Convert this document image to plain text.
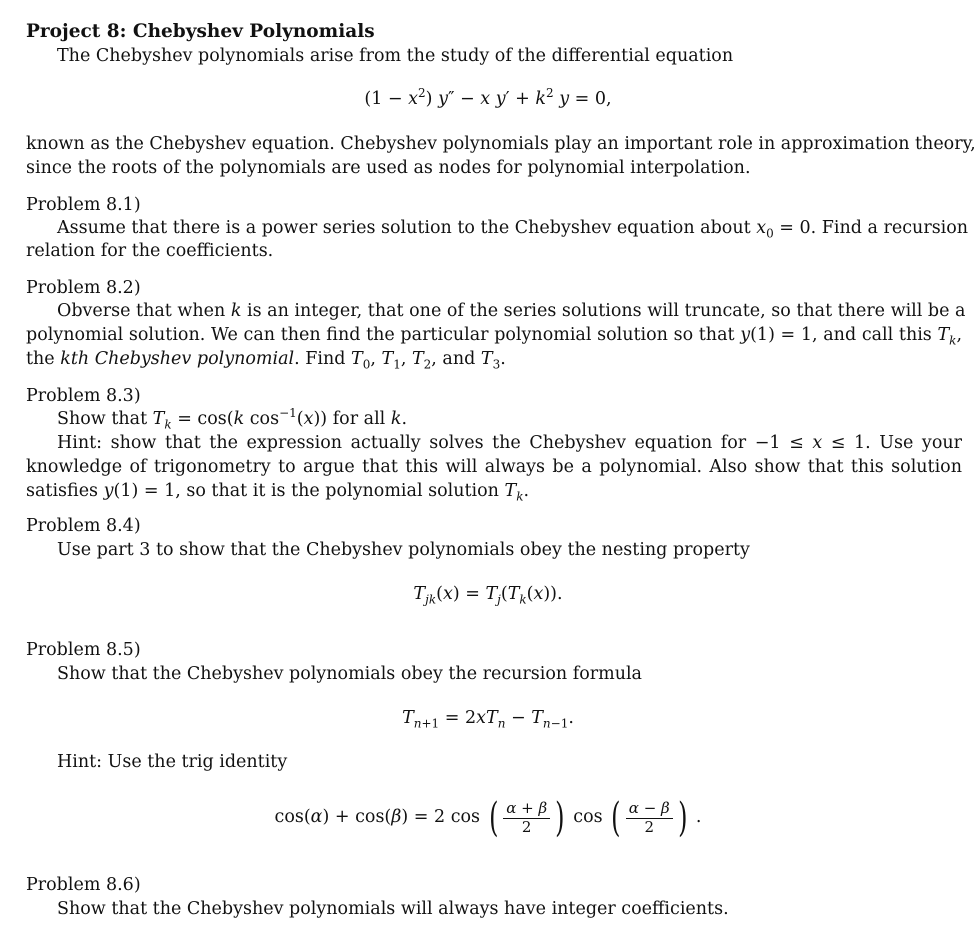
Project 8: Chebyshev Polynomials
The Chebyshev polynomials arise from the study of the differential equation
$(1 - x^2)$ y″ − x $y' + k^2$ y = 0,
known as the Chebyshev equation. Chebyshev polynomials play an important role in approximation theory,
since the roots of the polynomials are used as nodes for polynomial interpolation.
Problem 8.1)
Assume that there is a power series solution to the Chebyshev equation about $x_0 = 0$. Find a recursion
relation for the coefficients.
Problem 8.2)
Obverse that when k is an integer, that one of the series solutions will truncate, so that there will be a
polynomial solution. We can then find the particular polynomial solution so that y(1) = 1, and call this $T_k$,
the kth Chebyshev polynomial. Find $T_0$, $T_1$, $T_2$, and $T_3$.
Problem 8.3)
Show that $T_k = \cos(k$ $\cos^{-1}(x)$) for all k.
Hint: show that the expression actually solves the Chebyshev equation for −1 ≤ x ≤ 1. Use your
knowledge of trigonometry to argue that this will always be a polynomial. Also show that this solution
satisfies y(1) = 1, so that it is the polynomial solution $T_k$.
Problem 8.4)
Use part 3 to show that the Chebyshev polynomials obey the nesting property
$T_{jk}(x) = T_j(T_k(x))$.
Problem 8.5)
Show that the Chebyshev polynomials obey the recursion formula
$T_{n+1} = 2xT_n - T_{n-1}$.
Hint: Use the trig identity
cos(α) + cos(β) = 2 cos ( $\frac{\alpha + \beta}{2}$ ) cos ( $\frac{\alpha - \beta}{2}$ ) .
Problem 8.6)
Show that the Chebyshev polynomials will always have integer coefficients.
